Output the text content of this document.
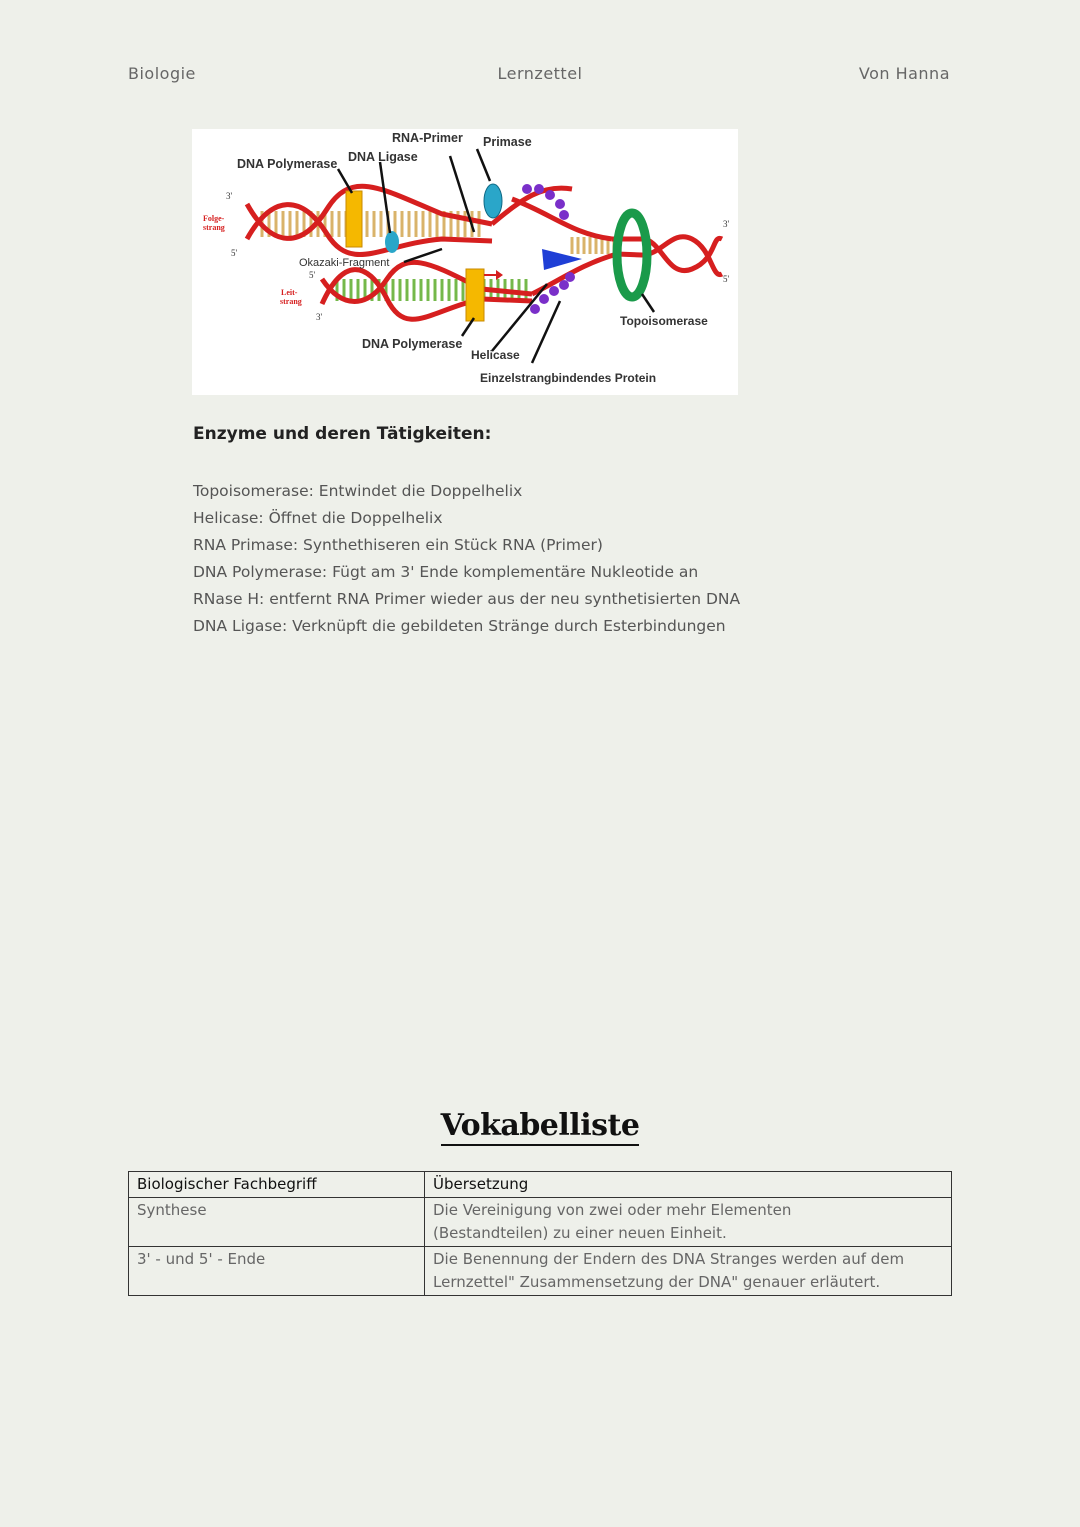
Biologie	Lernzettel	Von Hanna
RNA-Primer Primase
DNA Polymerase DNA Ligase
Okazaki-Fragment
Topoisomerase
DNA Polymerase
Helicase
Einzelstrangbindendes Protein
Folge-
strang
Leit-
strang
3'
5'
5'
3'
3'
5'
Enzyme und deren Tätigkeiten:
Topoisomerase: Entwindet die Doppelhelix
Helicase: Öffnet die Doppelhelix
RNA Primase: Synthethiseren ein Stück RNA (Primer)
DNA Polymerase: Fügt am 3' Ende komplementäre Nukleotide an
RNase H: entfernt RNA Primer wieder aus der neu synthetisierten DNA
DNA Ligase: Verknüpft die gebildeten Stränge durch Esterbindungen
Vokabelliste
Biologischer Fachbegriff	Übersetzung
Synthese	Die Vereinigung von zwei oder mehr Elementen
(Bestandteilen) zu einer neuen Einheit.

3' - und 5' - Ende	Die Benennung der Endern des DNA Stranges werden auf dem
Lernzettel" Zusammensetzung der DNA" genauer erläutert.
